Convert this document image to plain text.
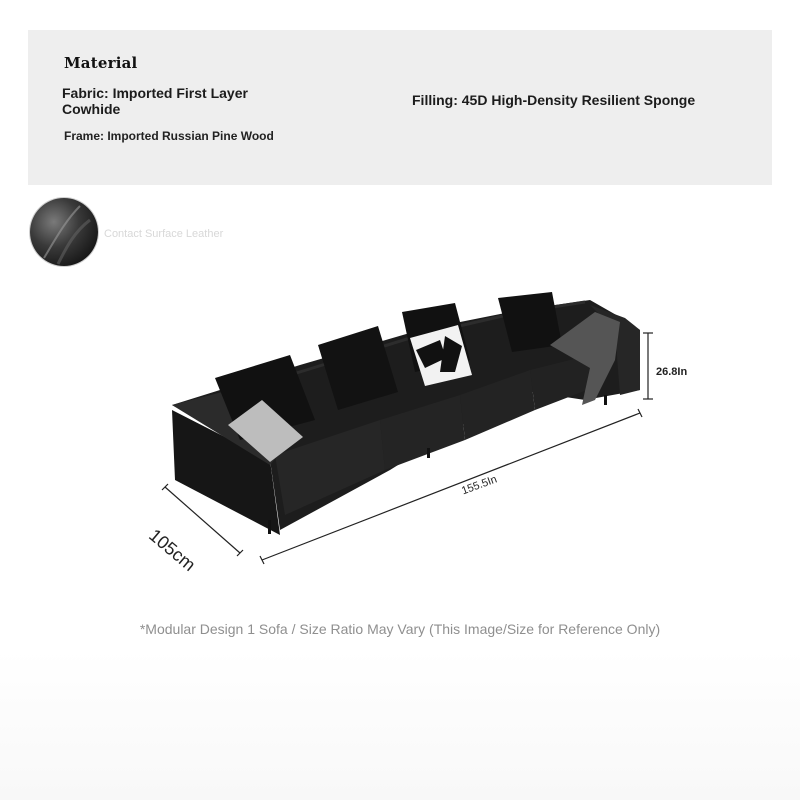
Material
Fabric: Imported First Layer Cowhide
Frame: Imported Russian Pine Wood
Filling: 45D High-Density Resilient Sponge
Contact Surface Leather
105cm
155.5In
26.8In
*Modular Design 1 Sofa / Size Ratio May Vary (This Image/Size for Reference Only)
